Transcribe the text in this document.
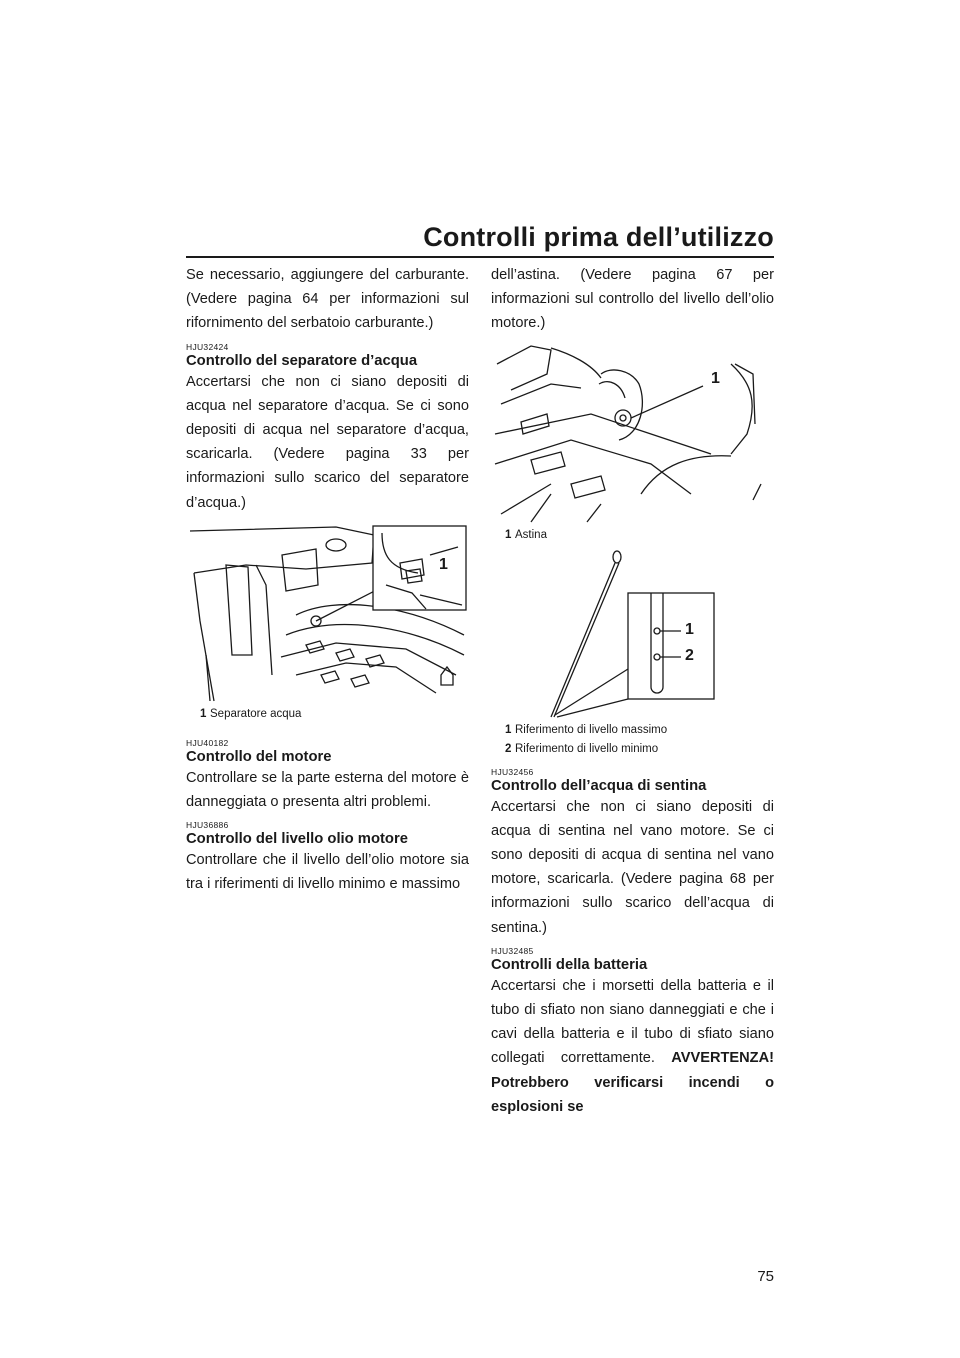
Controlli prima dell’utilizzo

Se necessario, aggiungere del carburante. (Vedere pagina 64 per informazioni sul rifornimento del serbatoio carburante.)

HJU32424
Controllo del separatore d’acqua

Accertarsi che non ci siano depositi di acqua nel separatore d’acqua. Se ci sono depositi di acqua nel separatore d’acqua, scaricarla. (Vedere pagina 33 per informazioni sullo scarico del separatore d’acqua.)

1

1 Separatore acqua

HJU40182
Controllo del motore

Controllare se la parte esterna del motore è danneggiata o presenta altri problemi.

HJU36886
Controllo del livello olio motore

Controllare che il livello dell’olio motore sia tra i riferimenti di livello minimo e massimo

dell’astina. (Vedere pagina 67 per informazioni sul controllo del livello dell’olio motore.)

1

1 Astina

1
2

1 Riferimento di livello massimo

2 Riferimento di livello minimo

HJU32456
Controllo dell’acqua di sentina

Accertarsi che non ci siano depositi di acqua di sentina nel vano motore. Se ci sono depositi di acqua di sentina nel vano motore, scaricarla. (Vedere pagina 68 per informazioni sullo scarico dell’acqua di sentina.)

HJU32485
Controlli della batteria

Accertarsi che i morsetti della batteria e il tubo di sfiato non siano danneggiati e che i cavi della batteria e il tubo di sfiato siano collegati correttamente. AVVERTENZA! Potrebbero verificarsi incendi o esplosioni se

75
